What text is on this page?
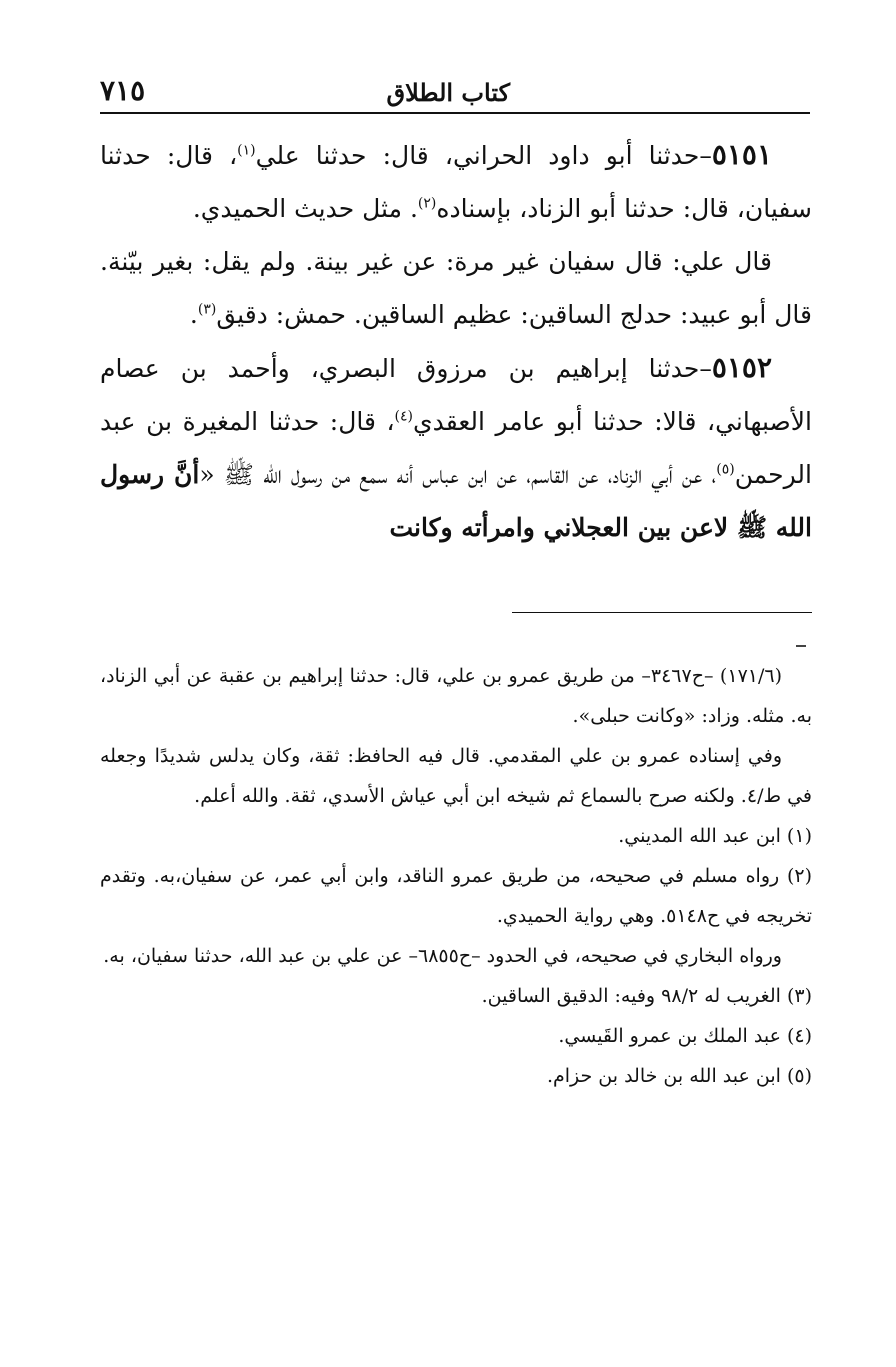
كتاب الطلاق
٧١٥

٥١٥١–حدثنا أبو داود الحراني، قال: حدثنا علي$^{(١)}$، قال: حدثنا سفيان، قال: حدثنا أبو الزناد، بإسناده$^{(٢)}$. مثل حديث الحميدي.

قال علي: قال سفيان غير مرة: عن غير بينة. ولم يقل: بغير بيّنة. قال أبو عبيد: حدلج الساقين: عظيم الساقين. حمش: دقيق$^{(٣)}$.

٥١٥٢–حدثنا إبراهيم بن مرزوق البصري، وأحمد بن عصام الأصبهاني، قالا: حدثنا أبو عامر العقدي$^{(٤)}$، قال: حدثنا المغيرة بن عبد الرحمن$^{(٥)}$، عن أبي الزناد، عن القاسم، عن ابن عباس أنه سمع من رسول الله ﷺ «أنَّ رسول الله ﷺ لاعن بين العجلاني وامرأته وكانت

(١٧١/٦) –ح٣٤٦٧– من طريق عمرو بن علي، قال: حدثنا إبراهيم بن عقبة عن أبي الزناد، به. مثله. وزاد: «وكانت حبلى».

وفي إسناده عمرو بن علي المقدمي. قال فيه الحافظ: ثقة، وكان يدلس شديدًا وجعله في ط/٤. ولكنه صرح بالسماع ثم شيخه ابن أبي عياش الأسدي، ثقة. والله أعلم.

(١) ابن عبد الله المديني.

(٢) رواه مسلم في صحيحه، من طريق عمرو الناقد، وابن أبي عمر، عن سفيان،به. وتقدم تخريجه في ح٥١٤٨. وهي رواية الحميدي.

ورواه البخاري في صحيحه، في الحدود –ح٦٨٥٥– عن علي بن عبد الله، حدثنا سفيان، به.

(٣) الغريب له ٩٨/٢ وفيه: الدقيق الساقين.

(٤) عبد الملك بن عمرو القَيسي.

(٥) ابن عبد الله بن خالد بن حزام.
